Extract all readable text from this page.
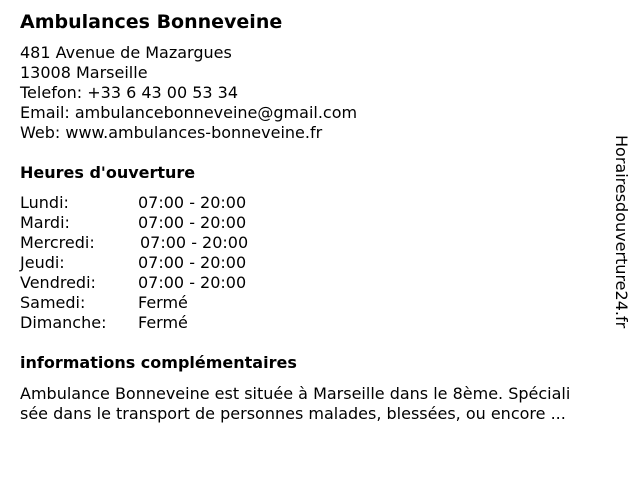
Ambulances Bonneveine
481 Avenue de Mazargues
13008 Marseille
Telefon: +33 6 43 00 53 34
Email: ambulancebonneveine@gmail.com
Web: www.ambulances-bonneveine.fr
Heures d'ouverture
Lundi:	07:00 - 20:00
Mardi:	07:00 - 20:00
Mercredi:	07:00 - 20:00
Jeudi:	07:00 - 20:00
Vendredi:	07:00 - 20:00
Samedi:	Fermé
Dimanche: Fermé
informations complémentaires
Ambulance Bonneveine est située à Marseille dans le 8ème. Spéciali
sée dans le transport de personnes malades, blessées, ou encore ...
Horairesdouverture24.fr
